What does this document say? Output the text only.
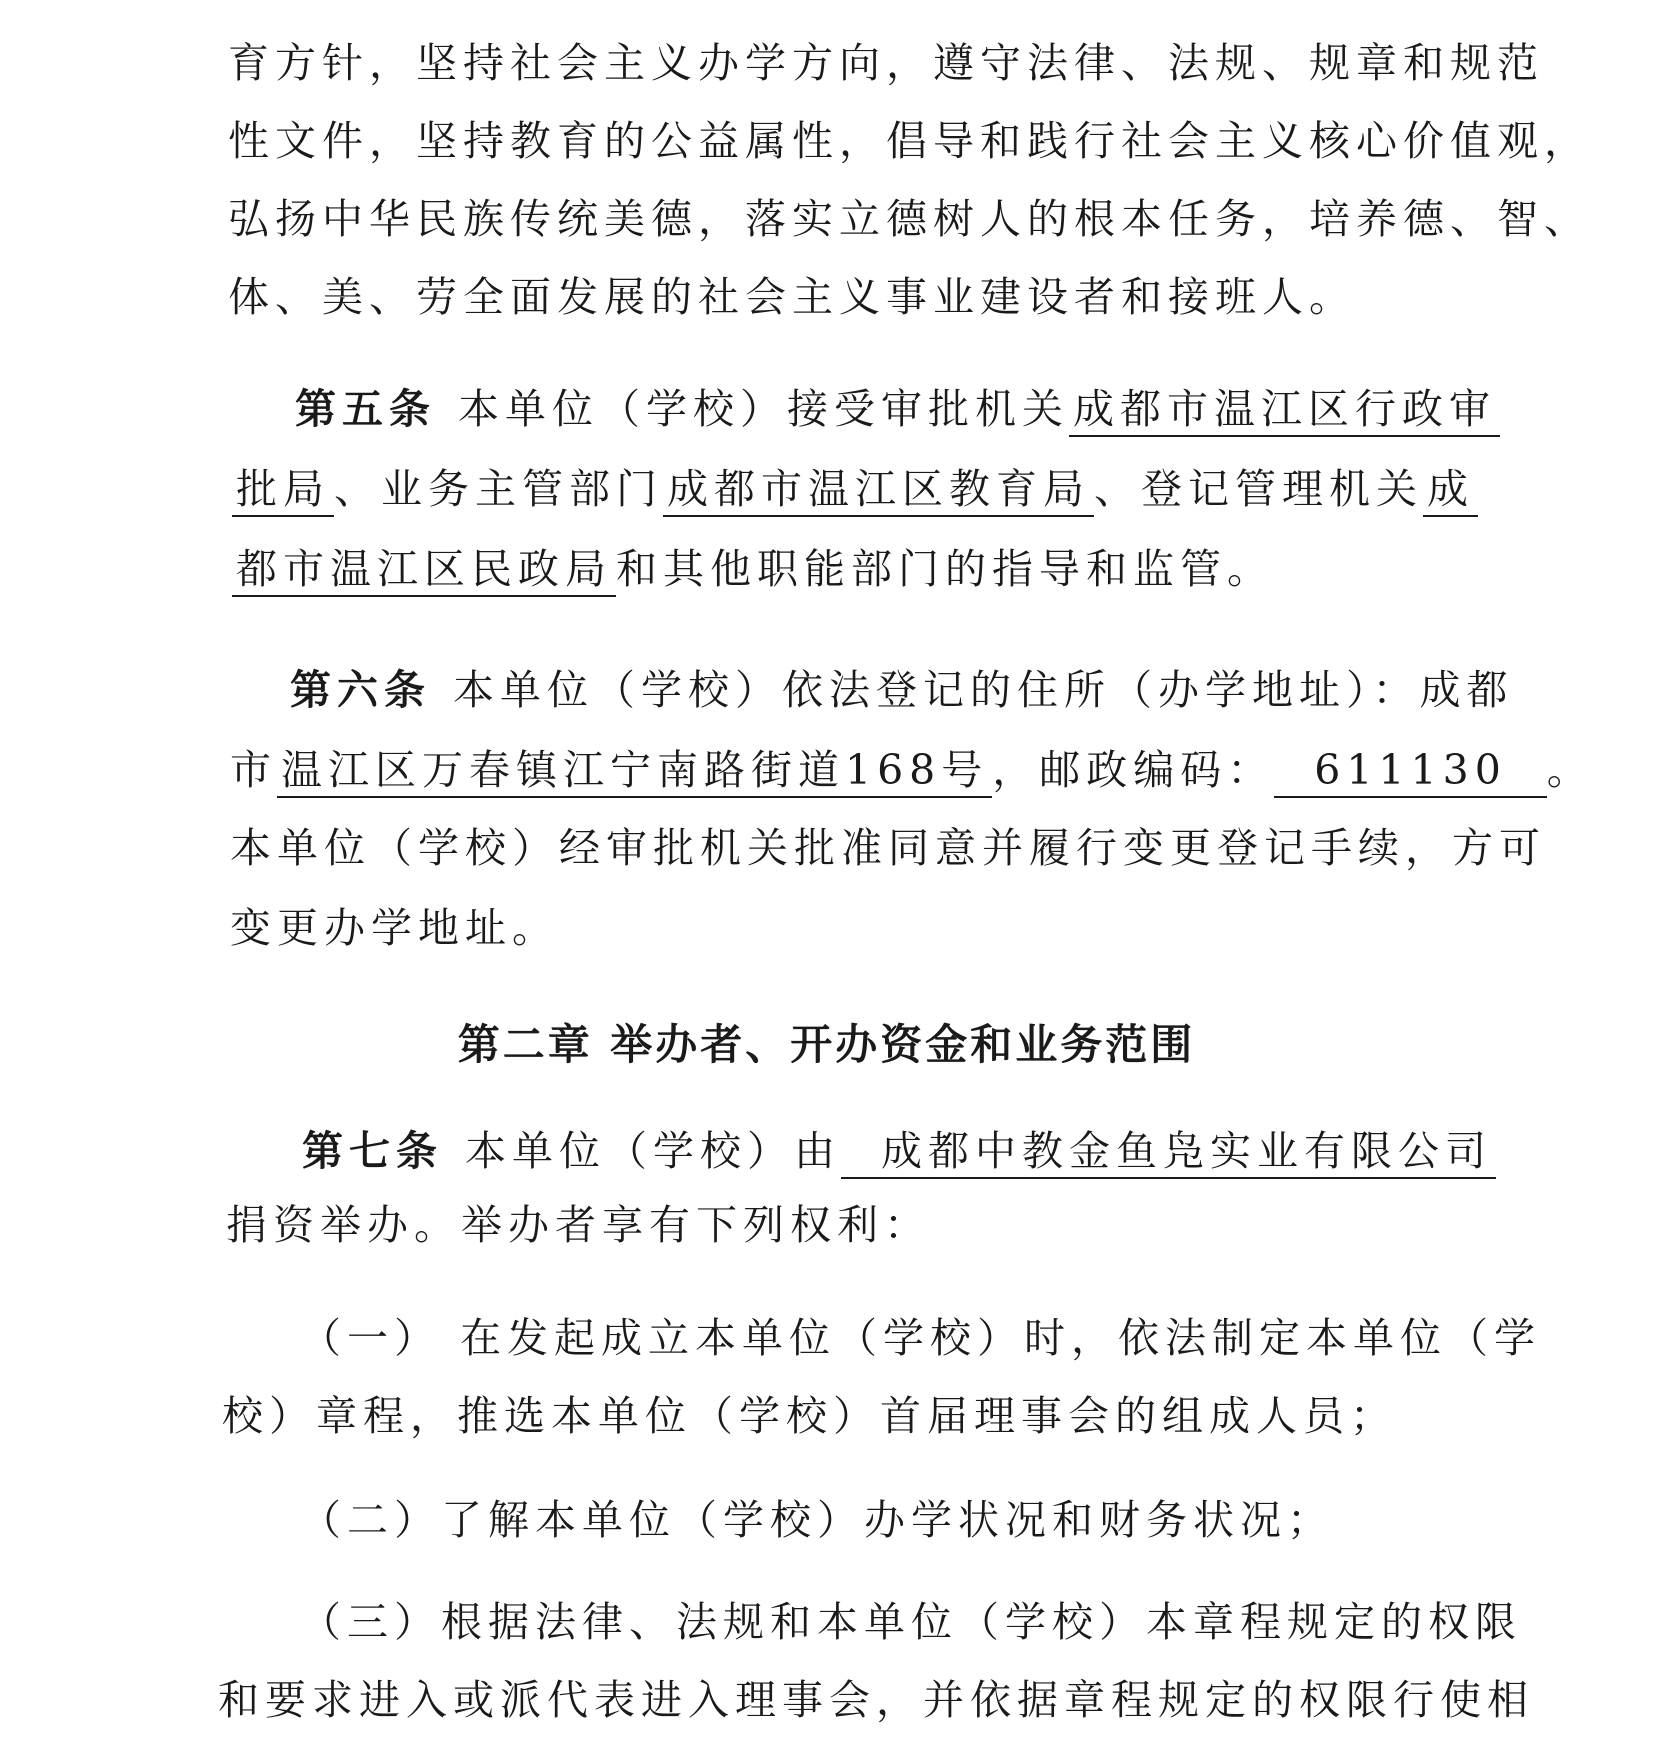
育方针，坚持社会主义办学方向，遵守法律、法规、规章和规范
性文件，坚持教育的公益属性，倡导和践行社会主义核心价值观，
弘扬中华民族传统美德，落实立德树人的根本任务，培养德、智、
体、美、劳全面发展的社会主义事业建设者和接班人。
第五条 本单位（学校）接受审批机关成都市温江区行政审
批局、业务主管部门成都市温江区教育局、登记管理机关成
都市温江区民政局和其他职能部门的指导和监管。
第六条 本单位（学校）依法登记的住所（办学地址）：成都
市温江区万春镇江宁南路街道168号，邮政编码： 611130 。
本单位（学校）经审批机关批准同意并履行变更登记手续，方可
变更办学地址。
第二章 举办者、开办资金和业务范围
第七条 本单位（学校）由 成都中教金鱼凫实业有限公司
捐资举办。举办者享有下列权利：
（一） 在发起成立本单位（学校）时，依法制定本单位（学
校）章程，推选本单位（学校）首届理事会的组成人员；
（二）了解本单位（学校）办学状况和财务状况；
（三）根据法律、法规和本单位（学校）本章程规定的权限
和要求进入或派代表进入理事会，并依据章程规定的权限行使相
